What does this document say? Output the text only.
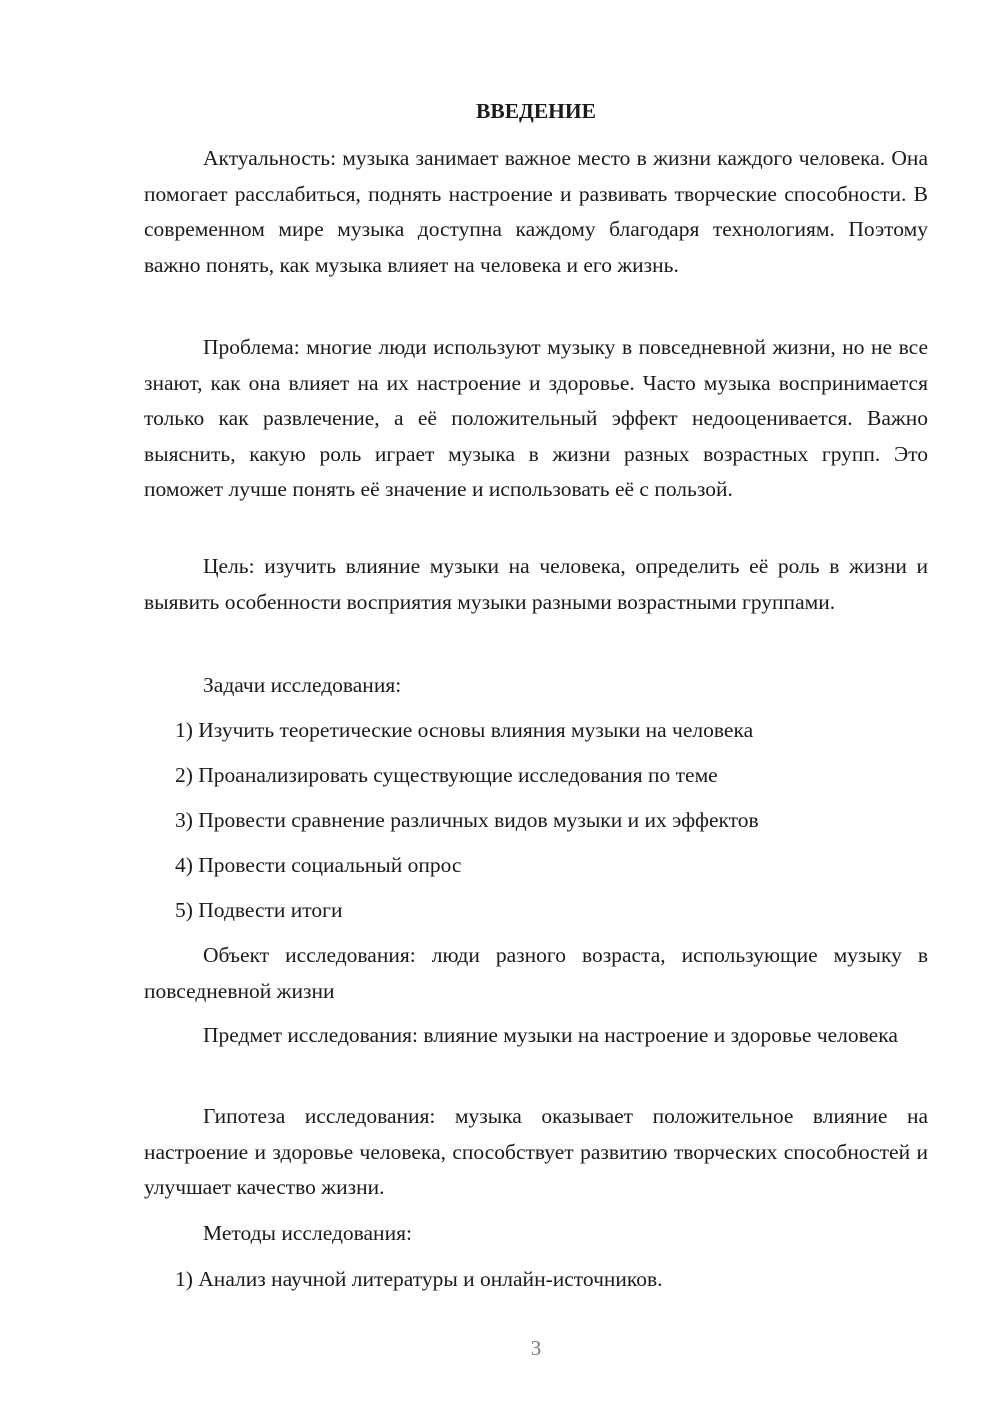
ВВЕДЕНИЕ

Актуальность: музыка занимает важное место в жизни каждого человека. Она помогает расслабиться, поднять настроение и развивать творческие способности. В современном мире музыка доступна каждому благодаря технологиям. Поэтому важно понять, как музыка влияет на человека и его жизнь.

Проблема: многие люди используют музыку в повседневной жизни, но не все знают, как она влияет на их настроение и здоровье. Часто музыка воспринимается только как развлечение, а её положительный эффект недооценивается. Важно выяснить, какую роль играет музыка в жизни разных возрастных групп. Это поможет лучше понять её значение и использовать её с пользой.

Цель: изучить влияние музыки на человека, определить её роль в жизни и выявить особенности восприятия музыки разными возрастными группами.

Задачи исследования:

1) Изучить теоретические основы влияния музыки на человека

2) Проанализировать существующие исследования по теме

3) Провести сравнение различных видов музыки и их эффектов

4) Провести социальный опрос

5) Подвести итоги

Объект исследования: люди разного возраста, использующие музыку в повседневной жизни

Предмет исследования: влияние музыки на настроение и здоровье человека

Гипотеза исследования: музыка оказывает положительное влияние на настроение и здоровье человека, способствует развитию творческих способностей и улучшает качество жизни.

Методы исследования:

1) Анализ научной литературы и онлайн-источников.

3
